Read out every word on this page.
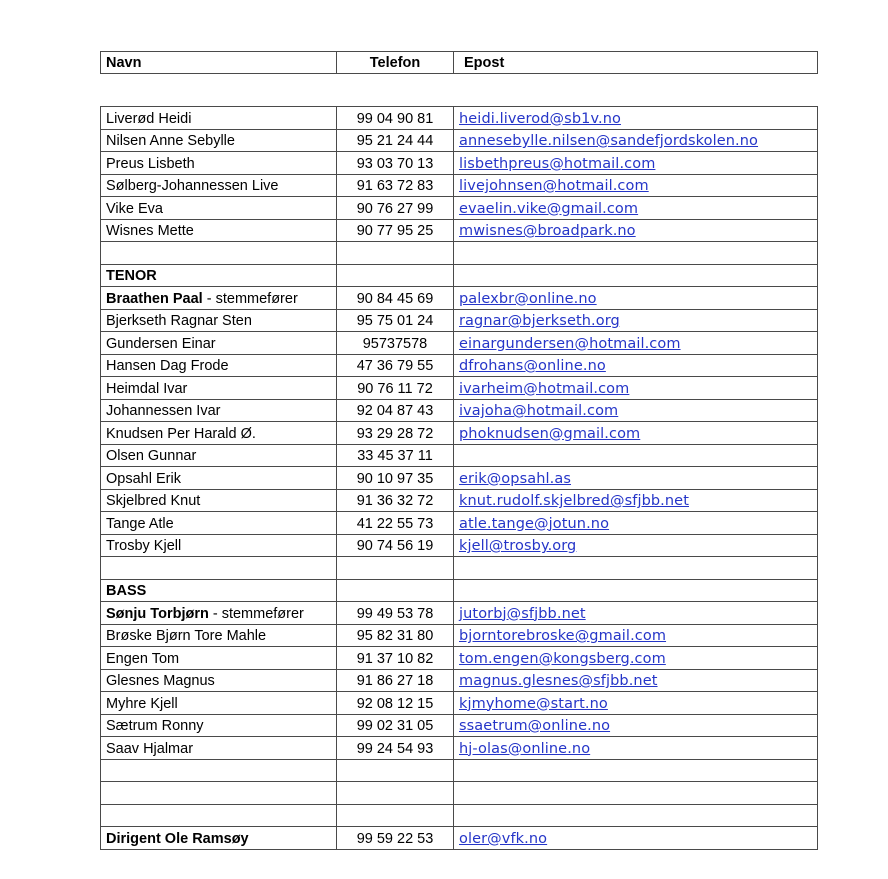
Navn	Telefon	Epost
Liverød Heidi	99 04 90 81	heidi.liverod@sb1v.no
Nilsen Anne Sebylle	95 21 24 44	annesebylle.nilsen@sandefjordskolen.no
Preus Lisbeth	93 03 70 13	lisbethpreus@hotmail.com
Sølberg-Johannessen Live	91 63 72 83	livejohnsen@hotmail.com
Vike Eva	90 76 27 99	evaelin.vike@gmail.com
Wisnes Mette	90 77 95 25	mwisnes@broadpark.no

TENOR		
Braathen Paal - stemmefører	90 84 45 69	palexbr@online.no
Bjerkseth Ragnar Sten	95 75 01 24	ragnar@bjerkseth.org
Gundersen Einar	95737578	einargundersen@hotmail.com
Hansen Dag Frode	47 36 79 55	dfrohans@online.no
Heimdal Ivar	90 76 11 72	ivarheim@hotmail.com
Johannessen Ivar	92 04 87 43	ivajoha@hotmail.com
Knudsen Per Harald Ø.	93 29 28 72	phoknudsen@gmail.com
Olsen Gunnar	33 45 37 11	
Opsahl Erik	90 10 97 35	erik@opsahl.as
Skjelbred Knut	91 36 32 72	knut.rudolf.skjelbred@sfjbb.net
Tange Atle	41 22 55 73	atle.tange@jotun.no
Trosby Kjell	90 74 56 19	kjell@trosby.org

BASS		
Sønju Torbjørn - stemmefører	99 49 53 78	jutorbj@sfjbb.net
Brøske Bjørn Tore Mahle	95 82 31 80	bjorntorebroske@gmail.com
Engen Tom	91 37 10 82	tom.engen@kongsberg.com
Glesnes Magnus	91 86 27 18	magnus.glesnes@sfjbb.net
Myhre Kjell	92 08 12 15	kjmyhome@start.no
Sætrum Ronny	99 02 31 05	ssaetrum@online.no
Saav Hjalmar	99 24 54 93	hj-olas@online.no

Dirigent Ole Ramsøy	99 59 22 53	oler@vfk.no
